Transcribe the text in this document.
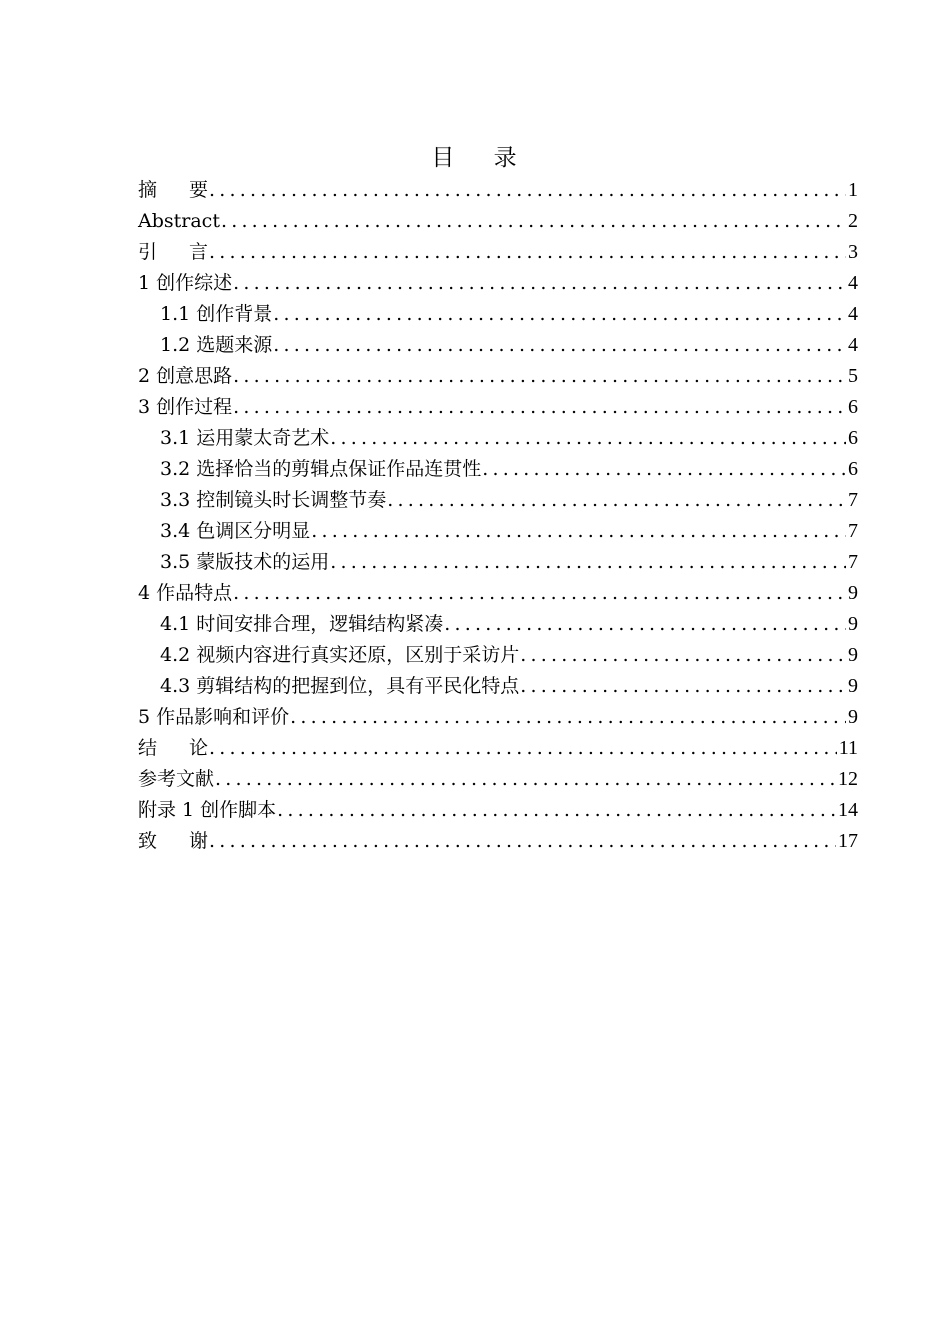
目 录
摘 要 .....	1
Abstract .....	2
引 言 .....	3
1 创作综述 .....	4
1.1 创作背景 .....	4
1.2 选题来源 .....	4
2 创意思路 .....	5
3 创作过程 .....	6
3.1 运用蒙太奇艺术 .....	6
3.2 选择恰当的剪辑点保证作品连贯性 .....	6
3.3 控制镜头时长调整节奏 .....	7
3.4 色调区分明显 .....	7
3.5 蒙版技术的运用 .....	7
4 作品特点 .....	9
4.1 时间安排合理，逻辑结构紧凑 .....	9
4.2 视频内容进行真实还原，区别于采访片 .....	9
4.3 剪辑结构的把握到位，具有平民化特点 .....	9
5 作品影响和评价 .....	9
结 论 .....	11
参考文献 .....	12
附录 1 创作脚本 .....	14
致 谢 .....	17
